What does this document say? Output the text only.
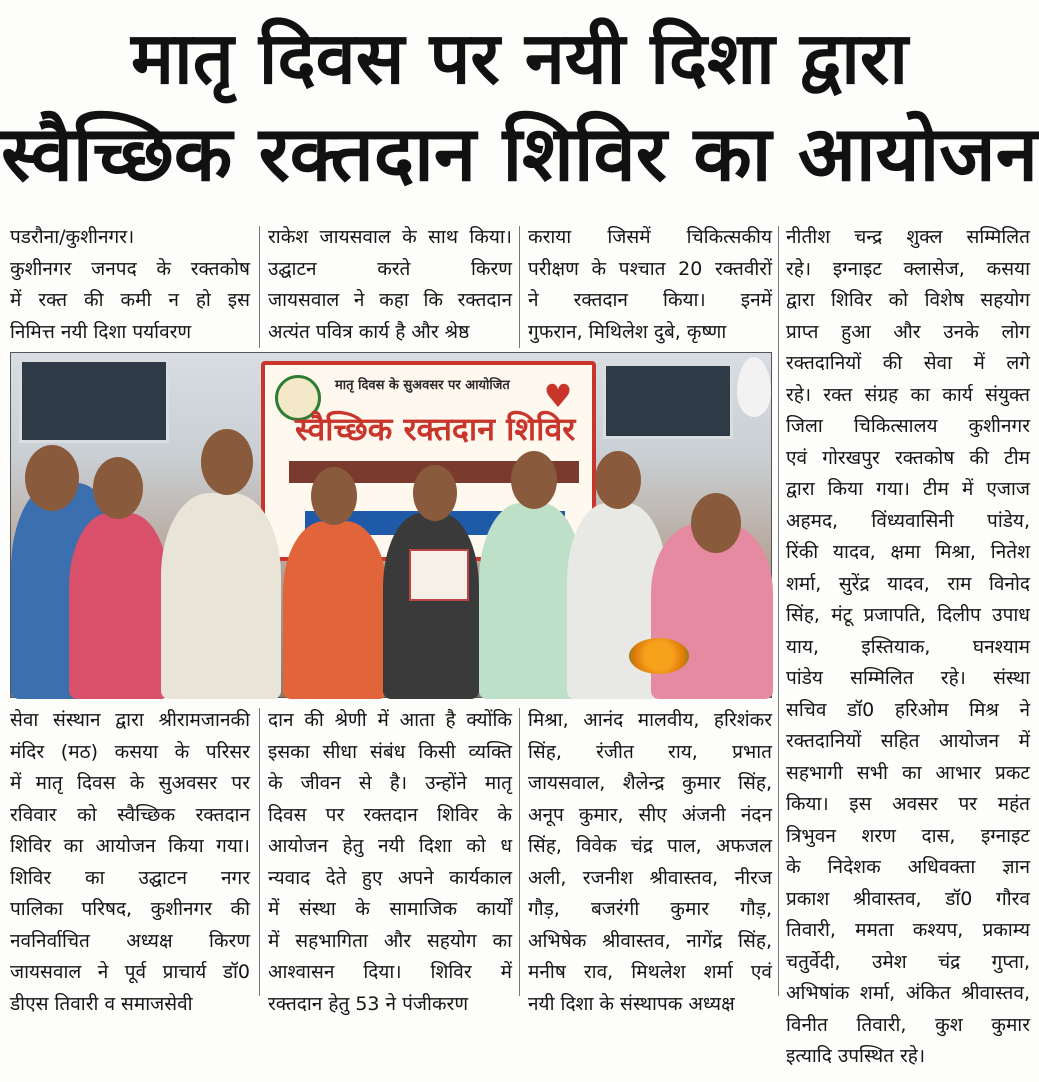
मातृ दिवस पर नयी दिशा द्वारा
स्वैच्छिक रक्तदान शिविर का आयोजन

पडरौना/कुशीनगर।

कुशीनगर जनपद के रक्तकोष

में रक्त की कमी न हो इस

निमित्त नयी दिशा पर्यावरण

राकेश जायसवाल के साथ किया।

उद्घाटन करते किरण

जायसवाल ने कहा कि रक्तदान

अत्यंत पवित्र कार्य है और श्रेष्ठ

कराया जिसमें चिकित्सकीय

परीक्षण के पश्चात 20 रक्तवीरों

ने रक्तदान किया। इनमें

गुफरान, मिथिलेश दुबे, कृष्णा

नीतीश चन्द्र शुक्ल सम्मिलित

रहे। इग्नाइट क्लासेज, कसया

द्वारा शिविर को विशेष सहयोग

प्राप्त हुआ और उनके लोग

रक्तदानियों की सेवा में लगे

रहे। रक्त संग्रह का कार्य संयुक्त

जिला चिकित्सालय कुशीनगर

एवं गोरखपुर रक्तकोष की टीम

द्वारा किया गया। टीम में एजाज

अहमद, विंध्यवासिनी पांडेय,

रिंकी यादव, क्षमा मिश्रा, नितेश

शर्मा, सुरेंद्र यादव, राम विनोद

सिंह, मंटू प्रजापति, दिलीप उपाध

याय, इस्तियाक, घनश्याम

पांडेय सम्मिलित रहे। संस्था

सचिव डॉ0 हरिओम मिश्र ने

रक्तदानियों सहित आयोजन में

सहभागी सभी का आभार प्रकट

किया। इस अवसर पर महंत

त्रिभुवन शरण दास, इग्नाइट

के निदेशक अधिवक्ता ज्ञान

प्रकाश श्रीवास्तव, डॉ0 गौरव

तिवारी, ममता कश्यप, प्रकाम्य

चतुर्वेदी, उमेश चंद्र गुप्ता,

अभिषांक शर्मा, अंकित श्रीवास्तव,

विनीत तिवारी, कुश कुमार

इत्यादि उपस्थित रहे।

♥
मातृ दिवस के सुअवसर पर आयोजित
स्वैच्छिक रक्तदान शिविर

सेवा संस्थान द्वारा श्रीरामजानकी

मंदिर (मठ) कसया के परिसर

में मातृ दिवस के सुअवसर पर

रविवार को स्वैच्छिक रक्तदान

शिविर का आयोजन किया गया।

शिविर का उद्घाटन नगर

पालिका परिषद, कुशीनगर की

नवनिर्वाचित अध्यक्ष किरण

जायसवाल ने पूर्व प्राचार्य डॉ0

डीएस तिवारी व समाजसेवी

दान की श्रेणी में आता है क्योंकि

इसका सीधा संबंध किसी व्यक्ति

के जीवन से है। उन्होंने मातृ

दिवस पर रक्तदान शिविर के

आयोजन हेतु नयी दिशा को ध

न्यवाद देते हुए अपने कार्यकाल

में संस्था के सामाजिक कार्यों

में सहभागिता और सहयोग का

आश्वासन दिया। शिविर में

रक्तदान हेतु 53 ने पंजीकरण

मिश्रा, आनंद मालवीय, हरिशंकर

सिंह, रंजीत राय, प्रभात

जायसवाल, शैलेन्द्र कुमार सिंह,

अनूप कुमार, सीए अंजनी नंदन

सिंह, विवेक चंद्र पाल, अफजल

अली, रजनीश श्रीवास्तव, नीरज

गौड़, बजरंगी कुमार गौड़,

अभिषेक श्रीवास्तव, नागेंद्र सिंह,

मनीष राव, मिथलेश शर्मा एवं

नयी दिशा के संस्थापक अध्यक्ष
